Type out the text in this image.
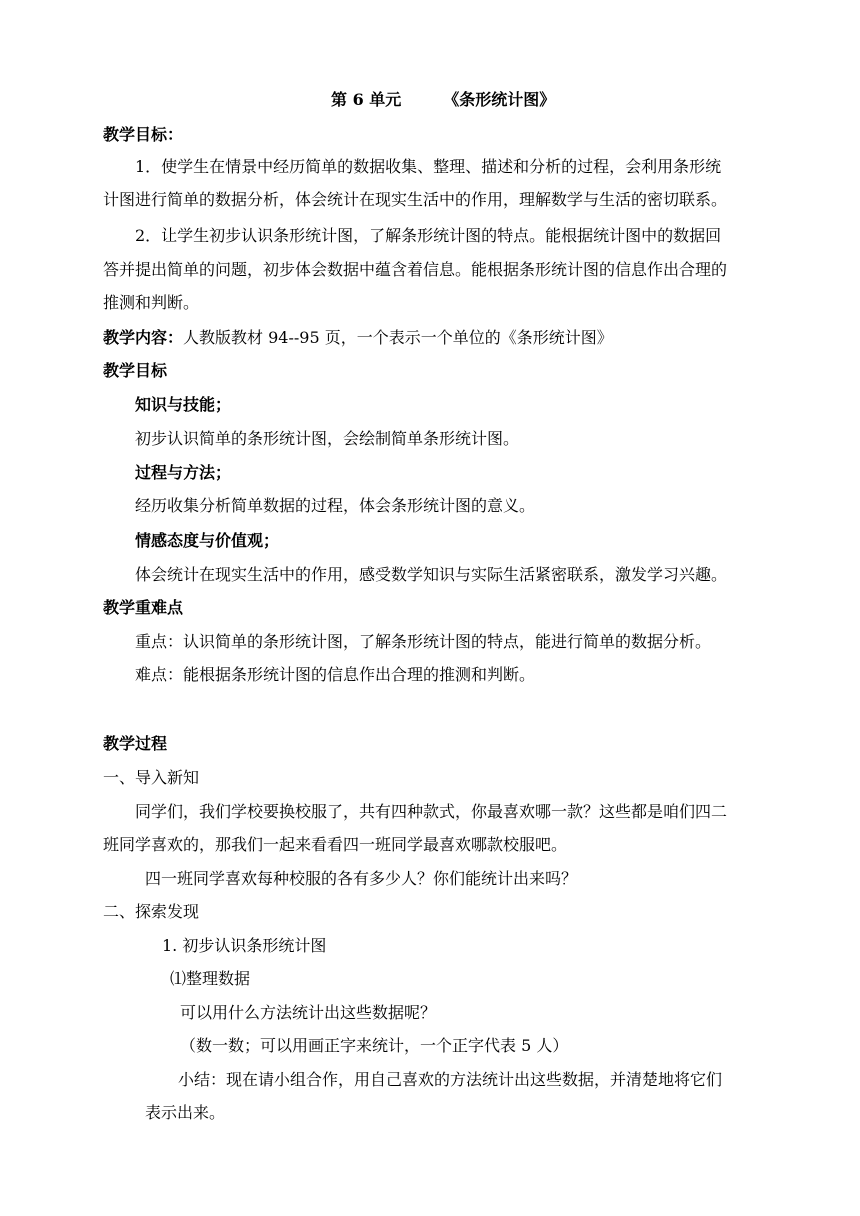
第 6 单元	《条形统计图》
教学目标：
1．使学生在情景中经历简单的数据收集、整理、描述和分析的过程，会利用条形统
计图进行简单的数据分析，体会统计在现实生活中的作用，理解数学与生活的密切联系。
2．让学生初步认识条形统计图，了解条形统计图的特点。能根据统计图中的数据回
答并提出简单的问题，初步体会数据中蕴含着信息。能根据条形统计图的信息作出合理的
推测和判断。
教学内容：人教版教材 94--95 页，一个表示一个单位的《条形统计图》
教学目标
知识与技能；
初步认识简单的条形统计图，会绘制简单条形统计图。
过程与方法；
经历收集分析简单数据的过程，体会条形统计图的意义。
情感态度与价值观；
体会统计在现实生活中的作用，感受数学知识与实际生活紧密联系，激发学习兴趣。
教学重难点
重点：认识简单的条形统计图，了解条形统计图的特点，能进行简单的数据分析。
难点：能根据条形统计图的信息作出合理的推测和判断。
教学过程
一、导入新知
同学们，我们学校要换校服了，共有四种款式，你最喜欢哪一款？这些都是咱们四二
班同学喜欢的，那我们一起来看看四一班同学最喜欢哪款校服吧。
四一班同学喜欢每种校服的各有多少人？你们能统计出来吗？
二、探索发现
1. 初步认识条形统计图
⑴整理数据
可以用什么方法统计出这些数据呢？
（数一数；可以用画正字来统计，一个正字代表 5 人）
小结：现在请小组合作，用自己喜欢的方法统计出这些数据，并清楚地将它们
表示出来。
